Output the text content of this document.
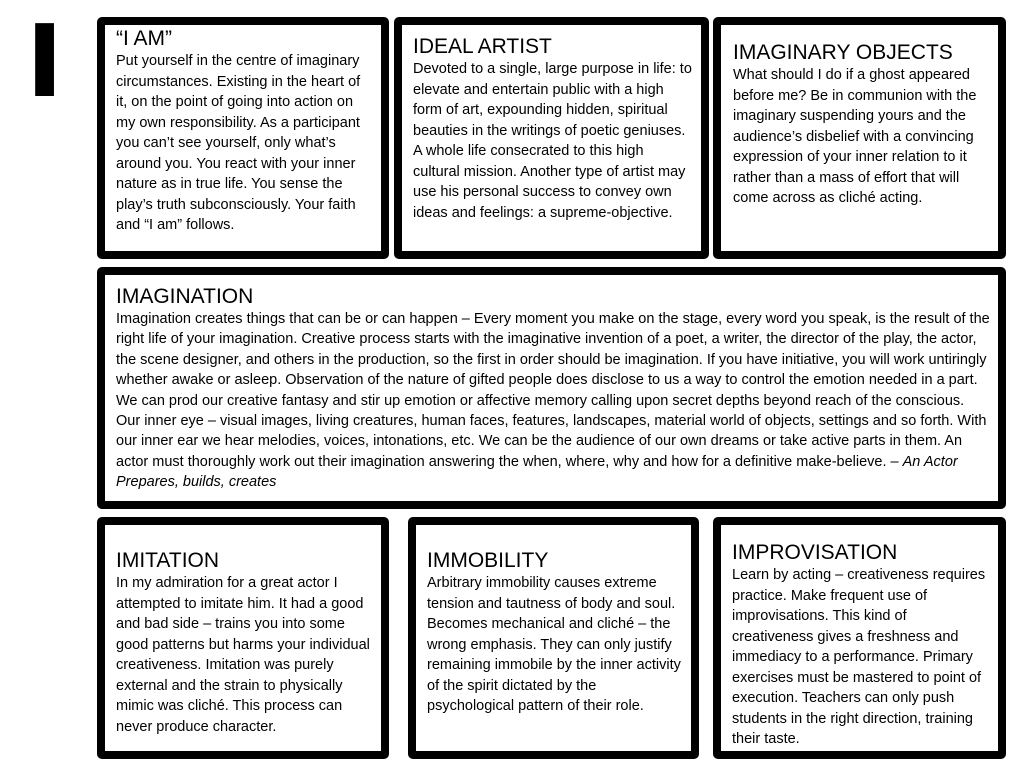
I	“I AM”
Put yourself in the centre of imaginary circumstances. Existing in the heart of it, on the point of going into action on my own responsibility. As a participant you can’t see yourself, only what’s around you. You react with your inner nature as in true life. You sense the play’s truth subconsciously. Your faith and “I am” follows.
IDEAL ARTIST
Devoted to a single, large purpose in life: to elevate and entertain public with a high form of art, expounding hidden, spiritual beauties in the writings of poetic geniuses. A whole life consecrated to this high cultural mission. Another type of artist may use his personal success to convey own ideas and feelings: a supreme-objective.
IMAGINARY OBJECTS
What should I do if a ghost appeared before me? Be in communion with the imaginary suspending yours and the audience’s disbelief with a convincing expression of your inner relation to it rather than a mass of effort that will come across as cliché acting.
IMAGINATION
Imagination creates things that can be or can happen – Every moment you make on the stage, every word you speak, is the result of the right life of your imagination. Creative process starts with the imaginative invention of a poet, a writer, the director of the play, the actor, the scene designer, and others in the production, so the first in order should be imagination. If you have initiative, you will work untiringly whether awake or asleep. Observation of the nature of gifted people does disclose to us a way to control the emotion needed in a part. We can prod our creative fantasy and stir up emotion or affective memory calling upon secret depths beyond reach of the conscious. Our inner eye – visual images, living creatures, human faces, features, landscapes, material world of objects, settings and so forth. With our inner ear we hear melodies, voices, intonations, etc. We can be the audience of our own dreams or take active parts in them. An actor must thoroughly work out their imagination answering the when, where, why and how for a definitive make-believe. – An Actor Prepares, builds, creates
IMITATION
In my admiration for a great actor I attempted to imitate him. It had a good and bad side – trains you into some good patterns but harms your individual creativeness. Imitation was purely external and the strain to physically mimic was cliché. This process can never produce character.
IMMOBILITY
Arbitrary immobility causes extreme tension and tautness of body and soul. Becomes mechanical and cliché – the wrong emphasis. They can only justify remaining immobile by the inner activity of the spirit dictated by the psychological pattern of their role.
IMPROVISATION
Learn by acting – creativeness requires practice. Make frequent use of improvisations. This kind of creativeness gives a freshness and immediacy to a performance. Primary exercises must be mastered to point of execution. Teachers can only push students in the right direction, training their taste.
